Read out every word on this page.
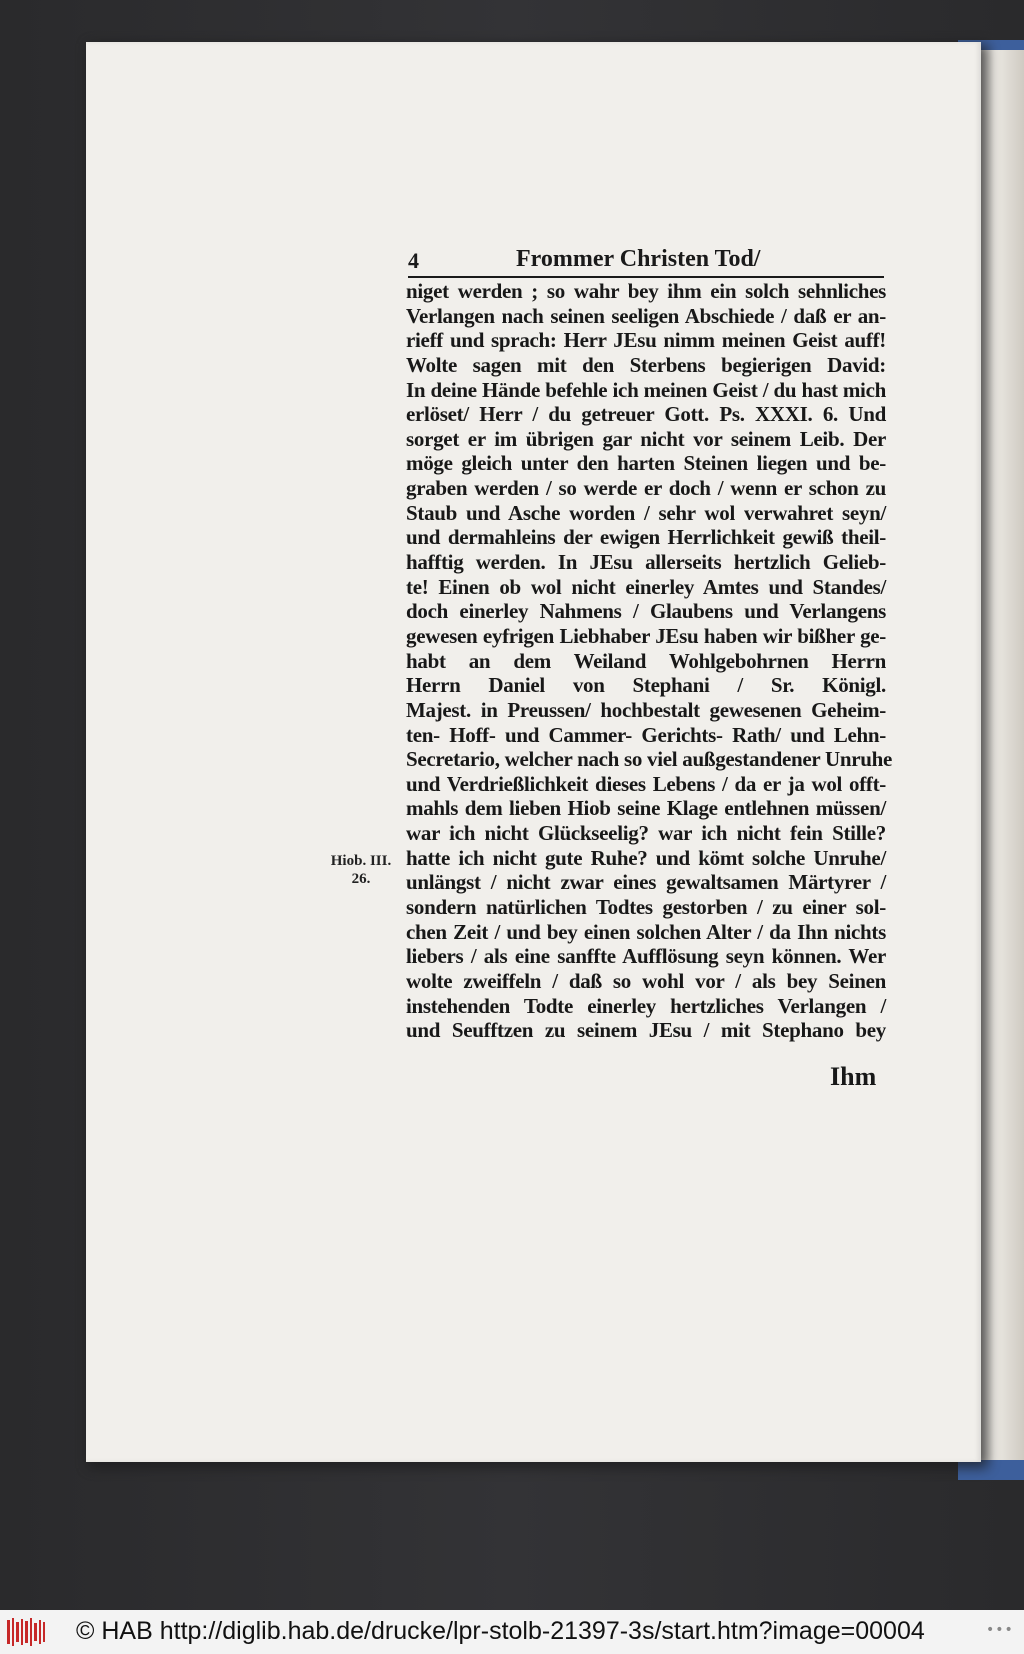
4	Frommer Christen Tod/
Hiob. III. 26.
niget werden ; so wahr bey ihm ein solch sehnliches
Verlangen nach seinen seeligen Abschiede / daß er an-
rieff und sprach: Herr JEsu nimm meinen Geist auff!
Wolte sagen mit den Sterbens begierigen David:
In deine Hände befehle ich meinen Geist / du hast mich
erlöset/ Herr / du getreuer Gott. Ps. XXXI. 6. Und
sorget er im übrigen gar nicht vor seinem Leib. Der
möge gleich unter den harten Steinen liegen und be-
graben werden / so werde er doch / wenn er schon zu
Staub und Asche worden / sehr wol verwahret seyn/
und dermahleins der ewigen Herrlichkeit gewiß theil-
hafftig werden. In JEsu allerseits hertzlich Gelieb-
te! Einen ob wol nicht einerley Amtes und Standes/
doch einerley Nahmens / Glaubens und Verlangens
gewesen eyfrigen Liebhaber JEsu haben wir bißher ge-
habt an dem Weiland Wohlgebohrnen Herrn
Herrn Daniel von Stephani / Sr. Königl.
Majest. in Preussen/ hochbestalt gewesenen Geheim-
ten- Hoff- und Cammer- Gerichts- Rath/ und Lehn-
Secretario, welcher nach so viel außgestandener Unruhe
und Verdrießlichkeit dieses Lebens / da er ja wol offt-
mahls dem lieben Hiob seine Klage entlehnen müssen/
war ich nicht Glückseelig? war ich nicht fein Stille?
hatte ich nicht gute Ruhe? und kömt solche Unruhe/
unlängst / nicht zwar eines gewaltsamen Märtyrer /
sondern natürlichen Todtes gestorben / zu einer sol-
chen Zeit / und bey einen solchen Alter / da Ihn nichts
liebers / als eine sanffte Aufflösung seyn können. Wer
wolte zweiffeln / daß so wohl vor / als bey Seinen
instehenden Todte einerley hertzliches Verlangen /
und Seufftzen zu seinem JEsu / mit Stephano bey
Ihm
© HAB http://diglib.hab.de/drucke/lpr-stolb-21397-3s/start.htm?image=00004	•••
